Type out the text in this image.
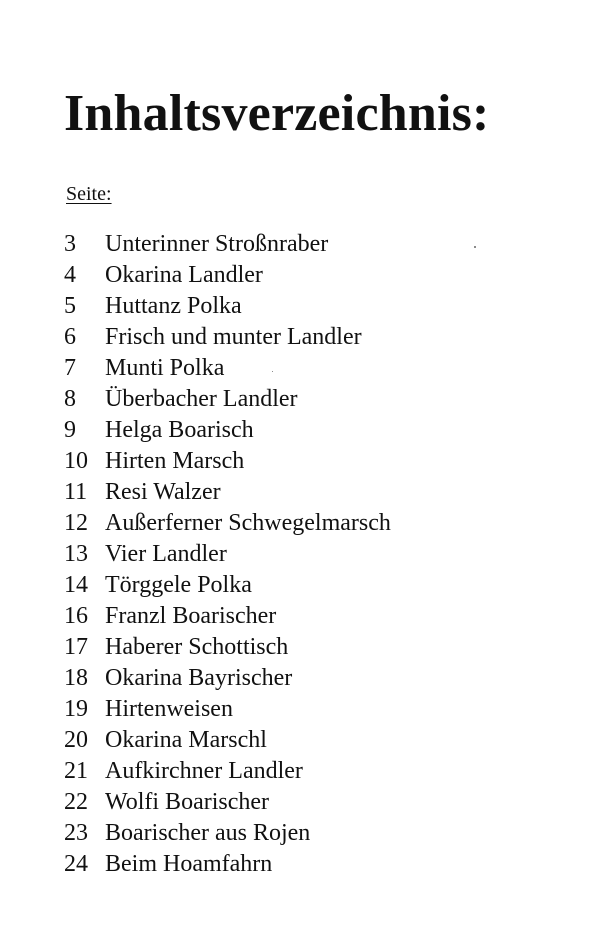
Inhaltsverzeichnis:
Seite:
3	Unterinner Stroßnraber
4	Okarina Landler
5	Huttanz Polka
6	Frisch und munter Landler
7	Munti Polka
8	Überbacher Landler
9	Helga Boarisch
10 Hirten Marsch
11 Resi Walzer
12 Außerferner Schwegelmarsch
13 Vier Landler
14 Törggele Polka
16 Franzl Boarischer
17 Haberer Schottisch
18 Okarina Bayrischer
19 Hirtenweisen
20 Okarina Marschl
21 Aufkirchner Landler
22 Wolfi Boarischer
23 Boarischer aus Rojen
24 Beim Hoamfahrn
